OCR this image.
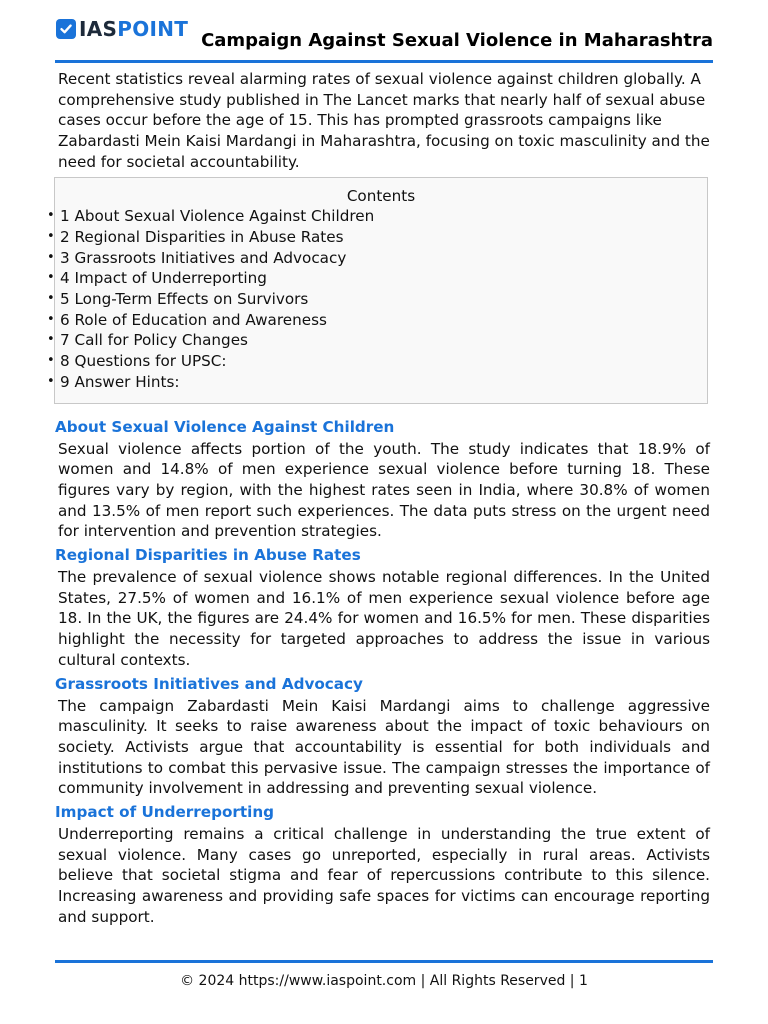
IASPOINT Campaign Against Sexual Violence in Maharashtra

Recent statistics reveal alarming rates of sexual violence against children globally. A comprehensive study published in The Lancet marks that nearly half of sexual abuse cases occur before the age of 15. This has prompted grassroots campaigns like Zabardasti Mein Kaisi Mardangi in Maharashtra, focusing on toxic masculinity and the need for societal accountability.

Contents
• 1 About Sexual Violence Against Children
• 2 Regional Disparities in Abuse Rates
• 3 Grassroots Initiatives and Advocacy
• 4 Impact of Underreporting
• 5 Long-Term Effects on Survivors
• 6 Role of Education and Awareness
• 7 Call for Policy Changes
• 8 Questions for UPSC:
• 9 Answer Hints:
About Sexual Violence Against Children

Sexual violence affects portion of the youth. The study indicates that 18.9% of women and 14.8% of men experience sexual violence before turning 18. These figures vary by region, with the highest rates seen in India, where 30.8% of women and 13.5% of men report such experiences. The data puts stress on the urgent need for intervention and prevention strategies.

Regional Disparities in Abuse Rates

The prevalence of sexual violence shows notable regional differences. In the United States, 27.5% of women and 16.1% of men experience sexual violence before age 18. In the UK, the figures are 24.4% for women and 16.5% for men. These disparities highlight the necessity for targeted approaches to address the issue in various cultural contexts.

Grassroots Initiatives and Advocacy

The campaign Zabardasti Mein Kaisi Mardangi aims to challenge aggressive masculinity. It seeks to raise awareness about the impact of toxic behaviours on society. Activists argue that accountability is essential for both individuals and institutions to combat this pervasive issue. The campaign stresses the importance of community involvement in addressing and preventing sexual violence.

Impact of Underreporting

Underreporting remains a critical challenge in understanding the true extent of sexual violence. Many cases go unreported, especially in rural areas. Activists believe that societal stigma and fear of repercussions contribute to this silence. Increasing awareness and providing safe spaces for victims can encourage reporting and support.

© 2024 https://www.iaspoint.com | All Rights Reserved | 1
